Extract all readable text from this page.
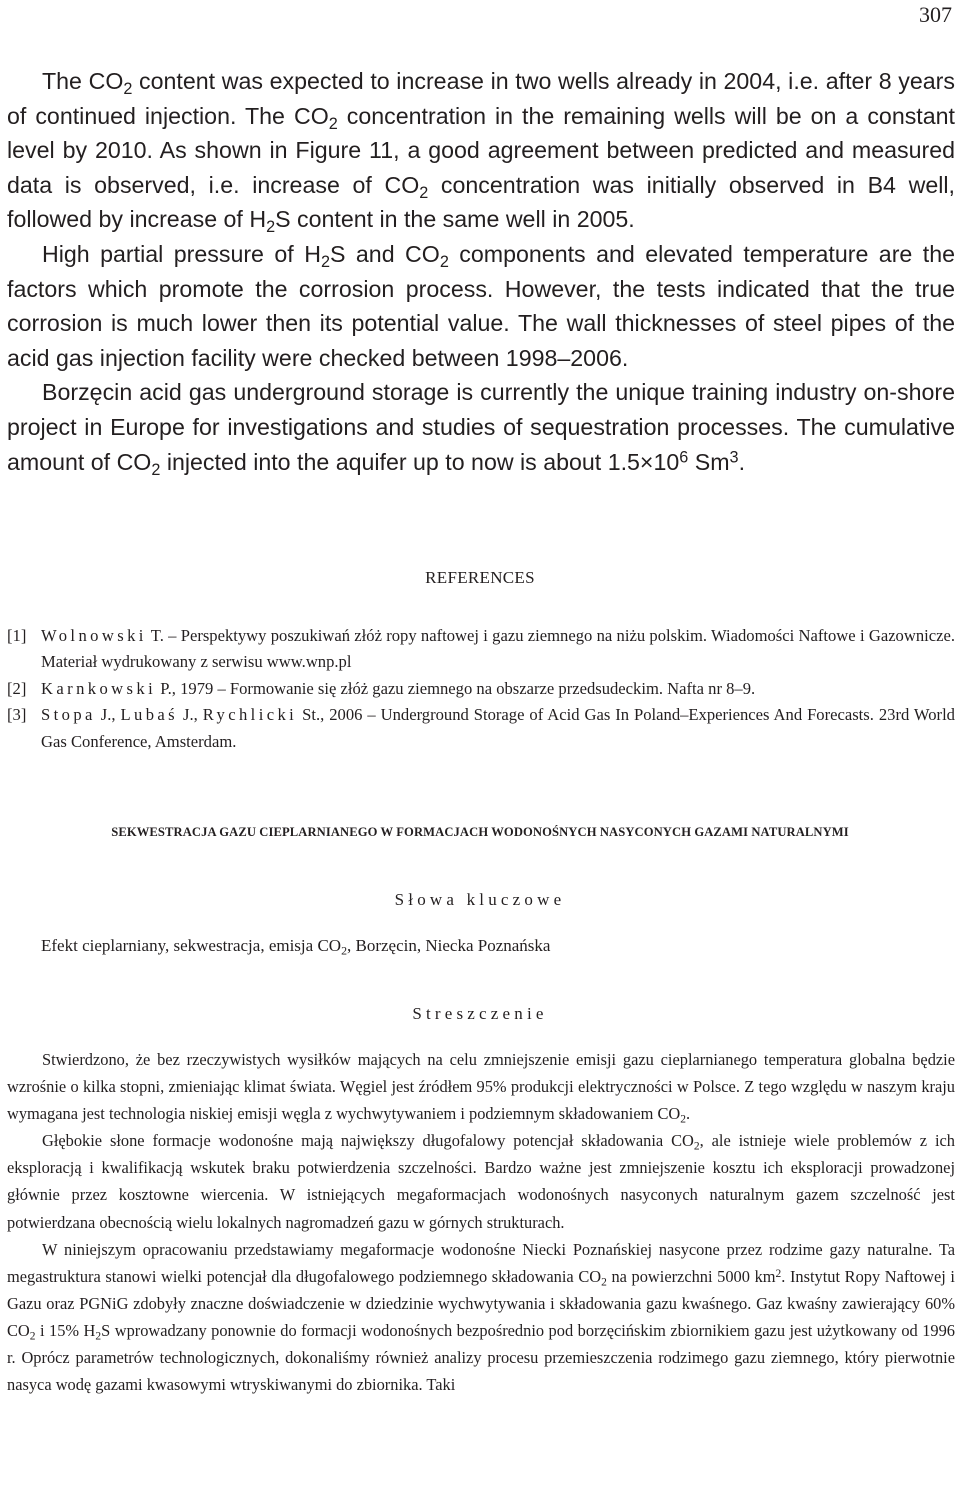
307

The $CO_2$ content was expected to increase in two wells already in 2004, i.e. after 8 years of continued injection. The $CO_2$ concentration in the remaining wells will be on a constant level by 2010. As shown in Figure 11, a good agreement between predicted and measured data is observed, i.e. increase of $CO_2$ concentration was initially observed in B4 well, followed by increase of $H_2S$ content in the same well in 2005.

High partial pressure of $H_2S$ and $CO_2$ components and elevated temperature are the factors which promote the corrosion process. However, the tests indicated that the true corrosion is much lower then its potential value. The wall thicknesses of steel pipes of the acid gas injection facility were checked between 1998–2006.

Borzęcin acid gas underground storage is currently the unique training industry on-shore project in Europe for investigations and studies of sequestration processes. The cumulative amount of $CO_2$ injected into the aquifer up to now is about $1.5\times 10^6$ Sm$^3$.

REFERENCES
[1] Wolnowski T. – Perspektywy poszukiwań złóż ropy naftowej i gazu ziemnego na niżu polskim. Wiadomości Naftowe i Gazownicze. Materiał wydrukowany z serwisu www.wnp.pl
[2] Karnkowski P., 1979 – Formowanie się złóż gazu ziemnego na obszarze przedsudeckim. Nafta nr 8–9.
[3] Stopa J., Lubaś J., Rychlicki St., 2006 – Underground Storage of Acid Gas In Poland–Experiences And Forecasts. 23rd World Gas Conference, Amsterdam.
SEKWESTRACJA GAZU CIEPLARNIANEGO W FORMACJACH WODONOŚNYCH NASYCONYCH GAZAMI NATURALNYMI
Słowa kluczowe
Efekt cieplarniany, sekwestracja, emisja $CO_2$, Borzęcin, Niecka Poznańska
Streszczenie

Stwierdzono, że bez rzeczywistych wysiłków mających na celu zmniejszenie emisji gazu cieplarnianego temperatura globalna będzie wzrośnie o kilka stopni, zmieniając klimat świata. Węgiel jest źródłem 95% produkcji elektryczności w Polsce. Z tego względu w naszym kraju wymagana jest technologia niskiej emisji węgla z wychwytywaniem i podziemnym składowaniem $CO_2$.

Głębokie słone formacje wodonośne mają największy długofalowy potencjał składowania $CO_2$, ale istnieje wiele problemów z ich eksploracją i kwalifikacją wskutek braku potwierdzenia szczelności. Bardzo ważne jest zmniejszenie kosztu ich eksploracji prowadzonej głównie przez kosztowne wiercenia. W istniejących megaformacjach wodonośnych nasyconych naturalnym gazem szczelność jest potwierdzana obecnością wielu lokalnych nagromadzeń gazu w górnych strukturach.

W niniejszym opracowaniu przedstawiamy megaformacje wodonośne Niecki Poznańskiej nasycone przez rodzime gazy naturalne. Ta megastruktura stanowi wielki potencjał dla długofalowego podziemnego składowania $CO_2$ na powierzchni 5000 $km^2$. Instytut Ropy Naftowej i Gazu oraz PGNiG zdobyły znaczne doświadczenie w dziedzinie wychwytywania i składowania gazu kwaśnego. Gaz kwaśny zawierający 60% $CO_2$ i 15% $H_2S$ wprowadzany ponownie do formacji wodonośnych bezpośrednio pod borzęcińskim zbiornikiem gazu jest użytkowany od 1996 r. Oprócz parametrów technologicznych, dokonaliśmy również analizy procesu przemieszczenia rodzimego gazu ziemnego, który pierwotnie nasyca wodę gazami kwasowymi wtryskiwanymi do zbiornika. Taki
